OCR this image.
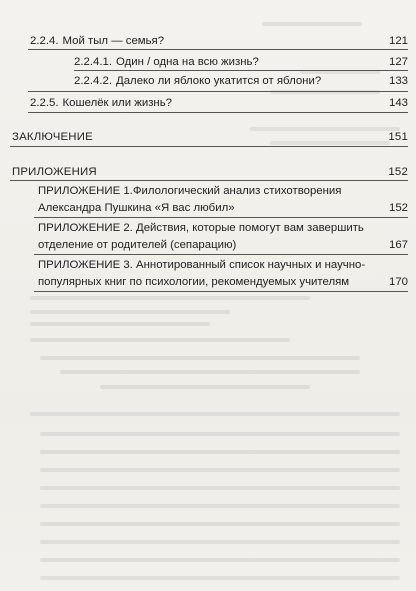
2.2.4. Мой тыл — семья?	121
2.2.4.1. Один / одна на всю жизнь?	127
2.2.4.2. Далеко ли яблоко укатится от яблони?	133
2.2.5. Кошелёк или жизнь?	143
ЗАКЛЮЧЕНИЕ	151
ПРИЛОЖЕНИЯ	152
ПРИЛОЖЕНИЕ 1.Филологический анализ стихотворения
Александра Пушкина «Я вас любил»	152
ПРИЛОЖЕНИЕ 2. Действия, которые помогут вам завершить
отделение от родителей (сепарацию)	167
ПРИЛОЖЕНИЕ 3. Аннотированный список научных и научно-
популярных книг по психологии, рекомендуемых учителям	170
